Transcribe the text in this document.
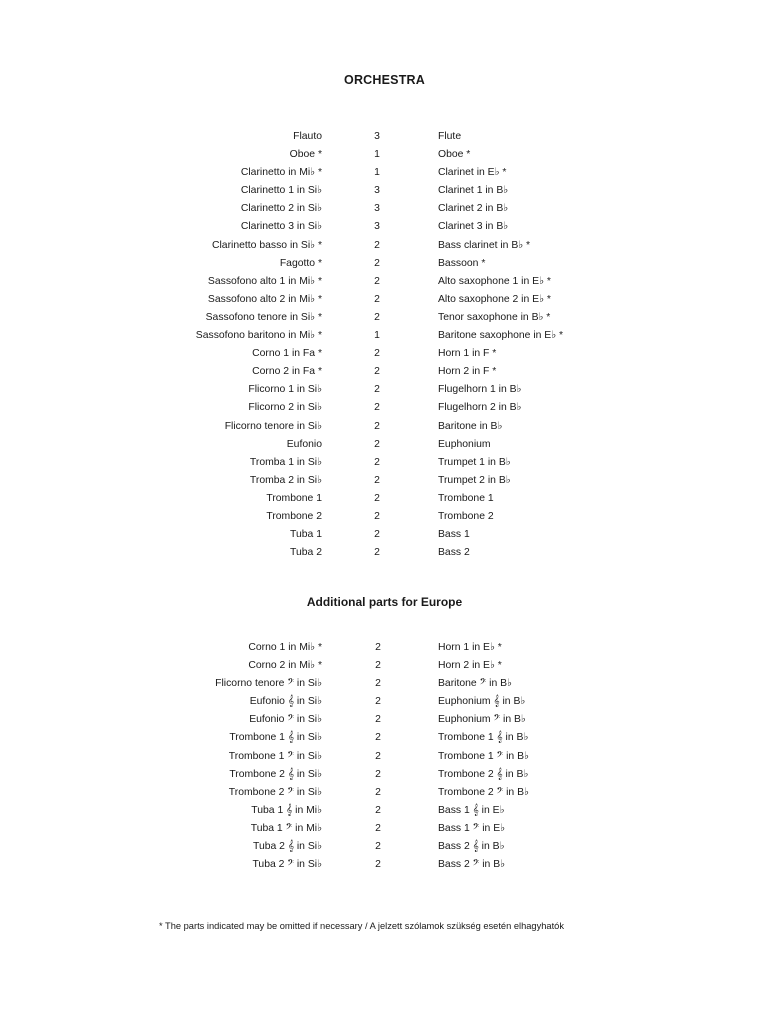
ORCHESTRA
Flauto	3	Flute
Oboe *	1	Oboe *
Clarinetto in Mi♭ *	1	Clarinet in E♭ *
Clarinetto 1 in Si♭	3	Clarinet 1 in B♭
Clarinetto 2 in Si♭	3	Clarinet 2 in B♭
Clarinetto 3 in Si♭	3	Clarinet 3 in B♭
Clarinetto basso in Si♭ *	2	Bass clarinet in B♭ *
Fagotto *	2	Bassoon *
Sassofono alto 1 in Mi♭ *	2	Alto saxophone 1 in E♭ *
Sassofono alto 2 in Mi♭ *	2	Alto saxophone 2 in E♭ *
Sassofono tenore in Si♭ *	2	Tenor saxophone in B♭ *
Sassofono baritono in Mi♭ *	1	Baritone saxophone in E♭ *
Corno 1 in Fa *	2	Horn 1 in F *
Corno 2 in Fa *	2	Horn 2 in F *
Flicorno 1 in Si♭	2	Flugelhorn 1 in B♭
Flicorno 2 in Si♭	2	Flugelhorn 2 in B♭
Flicorno tenore in Si♭	2	Baritone in B♭
Eufonio	2	Euphonium
Tromba 1 in Si♭	2	Trumpet 1 in B♭
Tromba 2 in Si♭	2	Trumpet 2 in B♭
Trombone 1	2	Trombone 1
Trombone 2	2	Trombone 2
Tuba 1	2	Bass 1
Tuba 2	2	Bass 2
Additional parts for Europe
Corno 1 in Mi♭ *	2	Horn 1 in E♭ *
Corno 2 in Mi♭ *	2	Horn 2 in E♭ *
Flicorno tenore 𝄢 in Si♭	2	Baritone 𝄢 in B♭
Eufonio 𝄞 in Si♭	2	Euphonium 𝄞 in B♭
Eufonio 𝄢 in Si♭	2	Euphonium 𝄢 in B♭
Trombone 1 𝄞 in Si♭	2	Trombone 1 𝄞 in B♭
Trombone 1 𝄢 in Si♭	2	Trombone 1 𝄢 in B♭
Trombone 2 𝄞 in Si♭	2	Trombone 2 𝄞 in B♭
Trombone 2 𝄢 in Si♭	2	Trombone 2 𝄢 in B♭
Tuba 1 𝄞 in Mi♭	2	Bass 1 𝄞 in E♭
Tuba 1 𝄢 in Mi♭	2	Bass 1 𝄢 in E♭
Tuba 2 𝄞 in Si♭	2	Bass 2 𝄞 in B♭
Tuba 2 𝄢 in Si♭	2	Bass 2 𝄢 in B♭
* The parts indicated may be omitted if necessary / A jelzett szólamok szükség esetén elhagyhatók
